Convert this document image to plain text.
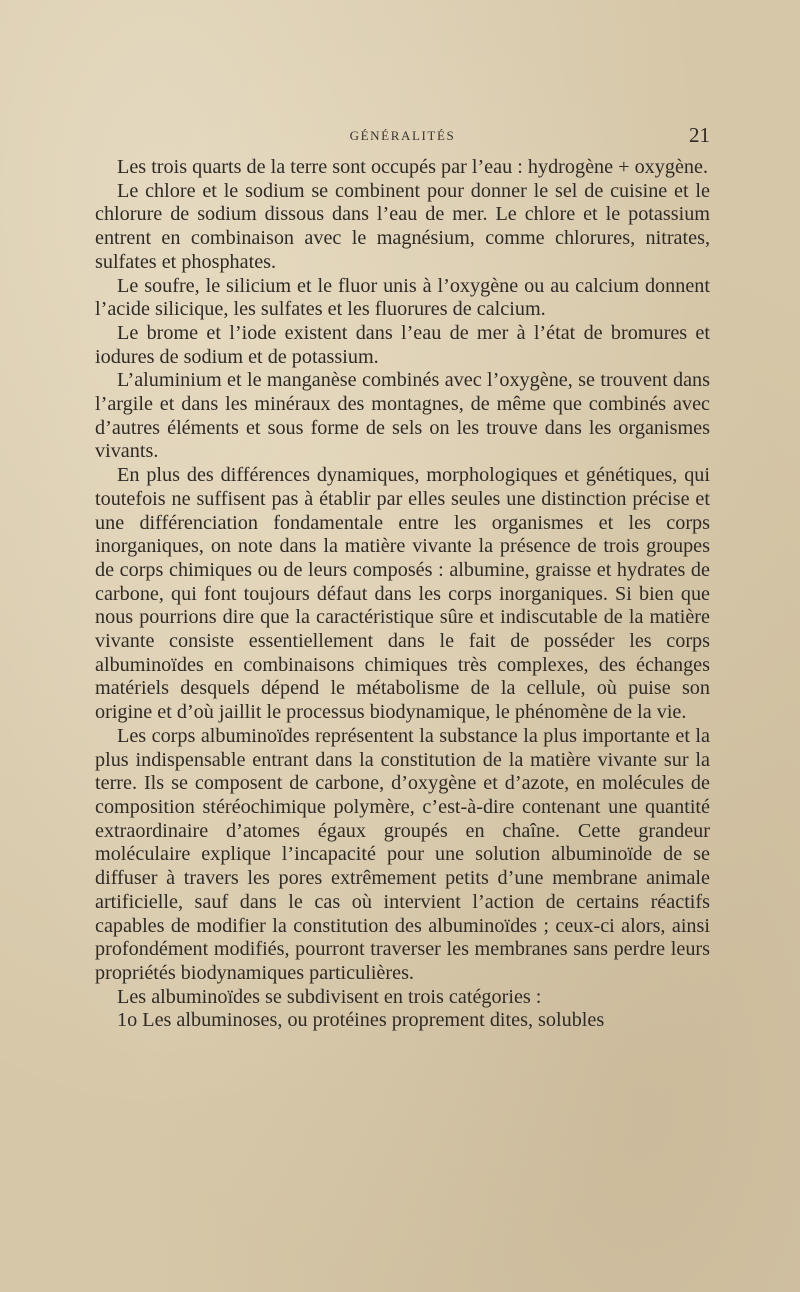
GÉNÉRALITÉS	21

Les trois quarts de la terre sont occupés par l’eau : hydrogène + oxygène.

Le chlore et le sodium se combinent pour donner le sel de cuisine et le chlorure de sodium dissous dans l’eau de mer. Le chlore et le potassium entrent en combinaison avec le magnésium, comme chlorures, nitrates, sulfates et phosphates.

Le soufre, le silicium et le fluor unis à l’oxygène ou au calcium donnent l’acide silicique, les sulfates et les fluorures de calcium.

Le brome et l’iode existent dans l’eau de mer à l’état de bromures et iodures de sodium et de potassium.

L’aluminium et le manganèse combinés avec l’oxygène, se trouvent dans l’argile et dans les minéraux des montagnes, de même que combinés avec d’autres éléments et sous forme de sels on les trouve dans les organismes vivants.

En plus des différences dynamiques, morphologiques et génétiques, qui toutefois ne suffisent pas à établir par elles seules une distinction précise et une différenciation fondamentale entre les organismes et les corps inorganiques, on note dans la matière vivante la présence de trois groupes de corps chimiques ou de leurs composés : albumine, graisse et hydrates de carbone, qui font toujours défaut dans les corps inorganiques. Si bien que nous pourrions dire que la caractéristique sûre et indiscutable de la matière vivante consiste essentiellement dans le fait de posséder les corps albuminoïdes en combinaisons chimiques très complexes, des échanges matériels desquels dépend le métabolisme de la cellule, où puise son origine et d’où jaillit le processus biodynamique, le phénomène de la vie.

Les corps albuminoïdes représentent la substance la plus importante et la plus indispensable entrant dans la constitution de la matière vivante sur la terre. Ils se composent de carbone, d’oxygène et d’azote, en molécules de composition stéréochimique polymère, c’est-à-dire contenant une quantité extraordinaire d’atomes égaux groupés en chaîne. Cette grandeur moléculaire explique l’incapacité pour une solution albuminoïde de se diffuser à travers les pores extrêmement petits d’une membrane animale artificielle, sauf dans le cas où intervient l’action de certains réactifs capables de modifier la constitution des albuminoïdes ; ceux-ci alors, ainsi profondément modifiés, pourront traverser les membranes sans perdre leurs propriétés biodynamiques particulières.

Les albuminoïdes se subdivisent en trois catégories :

1o Les albuminoses, ou protéines proprement dites, solubles
